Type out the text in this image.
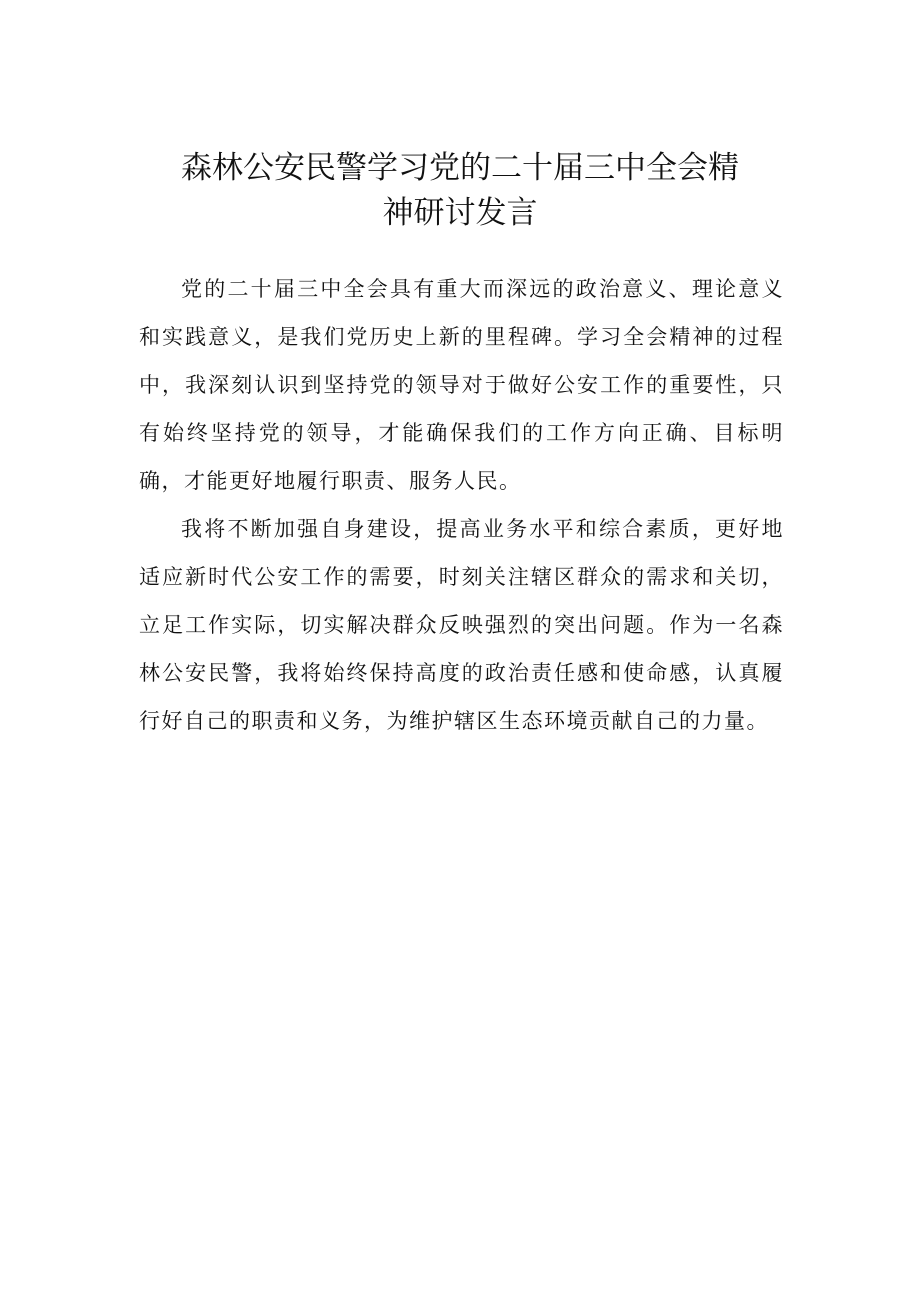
森林公安民警学习党的二十届三中全会精
神研讨发言

党的二十届三中全会具有重大而深远的政治意义、理论意义和实践意义，是我们党历史上新的里程碑。学习全会精神的过程中，我深刻认识到坚持党的领导对于做好公安工作的重要性，只有始终坚持党的领导，才能确保我们的工作方向正确、目标明确，才能更好地履行职责、服务人民。

我将不断加强自身建设，提高业务水平和综合素质，更好地适应新时代公安工作的需要，时刻关注辖区群众的需求和关切，立足工作实际，切实解决群众反映强烈的突出问题。作为一名森林公安民警，我将始终保持高度的政治责任感和使命感，认真履行好自己的职责和义务，为维护辖区生态环境贡献自己的力量。
